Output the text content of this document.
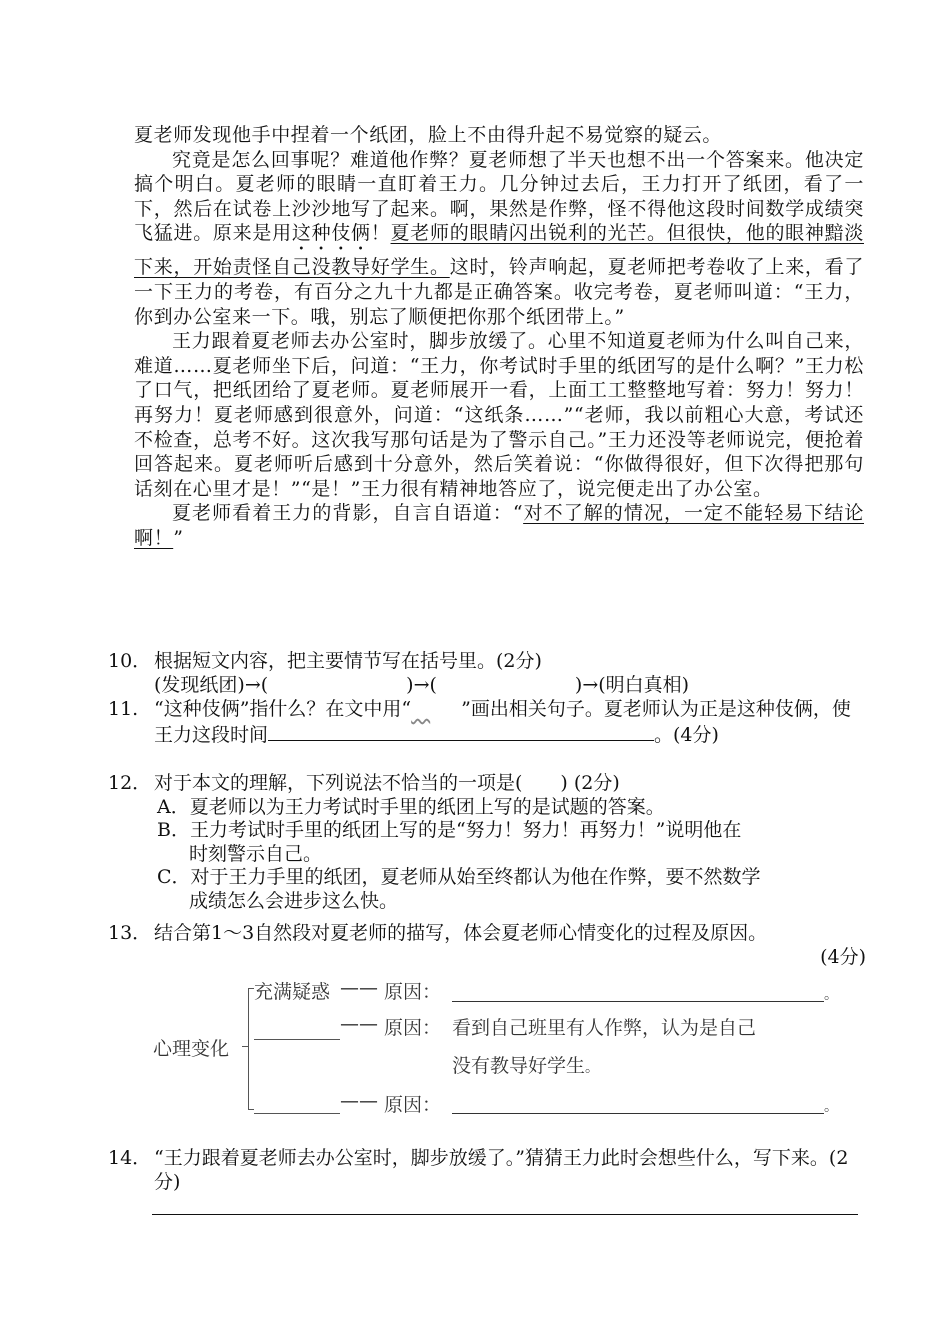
夏老师发现他手中捏着一个纸团，脸上不由得升起不易觉察的疑云。

究竟是怎么回事呢？难道他作弊？夏老师想了半天也想不出一个答案来。他决定搞个明白。夏老师的眼睛一直盯着王力。几分钟过去后，王力打开了纸团，看了一下，然后在试卷上沙沙地写了起来。啊，果然是作弊，怪不得他这段时间数学成绩突飞猛进。原来是用这种伎俩！夏老师的眼睛闪出锐利的光芒。但很快，他的眼神黯淡下来，开始责怪自己没教导好学生。这时，铃声响起，夏老师把考卷收了上来，看了一下王力的考卷，有百分之九十九都是正确答案。收完考卷，夏老师叫道：“王力，你到办公室来一下。哦，别忘了顺便把你那个纸团带上。”

王力跟着夏老师去办公室时，脚步放缓了。心里不知道夏老师为什么叫自己来，难道……夏老师坐下后，问道：“王力，你考试时手里的纸团写的是什么啊？”王力松了口气，把纸团给了夏老师。夏老师展开一看，上面工工整整地写着：努力！努力！再努力！夏老师感到很意外，问道：“这纸条……”“老师，我以前粗心大意，考试还不检查，总考不好。这次我写那句话是为了警示自己。”王力还没等老师说完，便抢着回答起来。夏老师听后感到十分意外，然后笑着说：“你做得很好，但下次得把那句话刻在心里才是！”“是！”王力很有精神地答应了，说完便走出了办公室。

夏老师看着王力的背影，自言自语道：“对不了解的情况，一定不能轻易下结论啊！”

10． 根据短文内容，把主要情节写在括号里。(2分)
(发现纸团)→(	)→(	)→(明白真相)
11. “这种伎俩”指什么？在文中用“	”画出相关句子。夏老师认为正是这种伎俩，使王力这段时间	。(4分)
12． 对于本文的理解，下列说法不恰当的一项是(　　) (2分)
A．夏老师以为王力考试时手里的纸团上写的是试题的答案。
B．王力考试时手里的纸团上写的是“努力！努力！再努力！”说明他在
时刻警示自己。
C．对于王力手里的纸团，夏老师从始至终都认为他在作弊，要不然数学
成绩怎么会进步这么快。
13． 结合第1～3自然段对夏老师的描写，体会夏老师心情变化的过程及原因。
(4分)
心理变化
充满疑惑 —— 原因：	。
—— 原因： 看到自己班里有人作弊，认为是自己
没有教导好学生。
—— 原因：	。
14． “王力跟着夏老师去办公室时，脚步放缓了。”猜猜王力此时会想些什么，写下来。(2分)
